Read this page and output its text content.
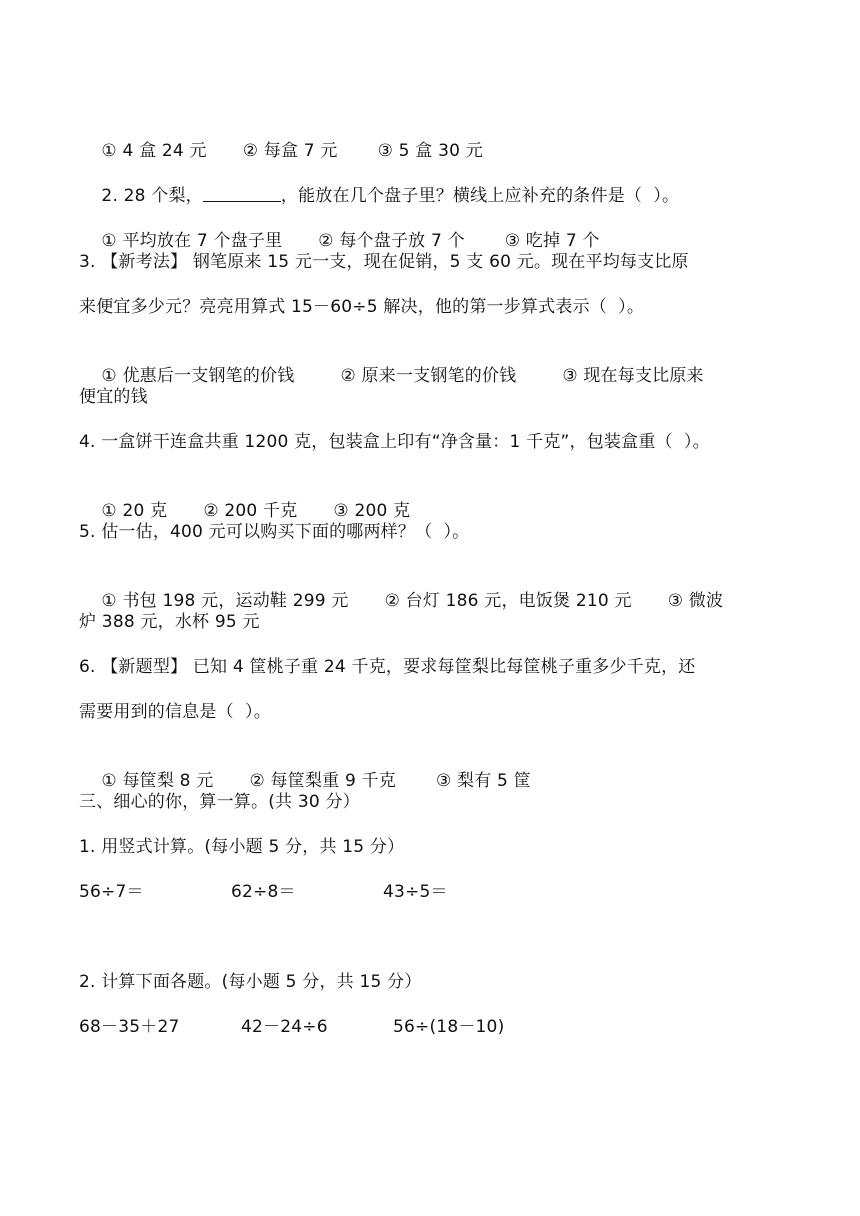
① 4 盒 24 元 ② 每盒 7 元 ③ 5 盒 30 元

2. 28 个梨，	，能放在几个盘子里？横线上应补充的条件是（  ）。

① 平均放在 7 个盘子里 ② 每个盘子放 7 个 ③ 吃掉 7 个

3. 【新考法】 钢笔原来 15 元一支，现在促销，5 支 60 元。现在平均每支比原
来便宜多少元？亮亮用算式 15－60÷5 解决，他的第一步算式表示（  ）。

① 优惠后一支钢笔的价钱	② 原来一支钢笔的价钱	③ 现在每支比原来

便宜的钱
4. 一盒饼干连盒共重 1200 克，包装盒上印有“净含量：1 千克”，包装盒重（  ）。

① 20 克 ② 200 千克 ③ 200 克

5. 估一估，400 元可以购买下面的哪两样？（  ）。

① 书包 198 元，运动鞋 299 元 ② 台灯 186 元，电饭煲 210 元 ③ 微波

炉 388 元，水杯 95 元
6. 【新题型】 已知 4 筐桃子重 24 千克，要求每筐梨比每筐桃子重多少千克，还
需要用到的信息是（  ）。

① 每筐梨 8 元 ② 每筐梨重 9 千克 ③ 梨有 5 筐

三、细心的你，算一算。(共 30 分）
1. 用竖式计算。(每小题 5 分，共 15 分）
56÷7＝	62÷8＝	43÷5＝
2. 计算下面各题。(每小题 5 分，共 15 分）
68－35＋27	42－24÷6	56÷(18－10)
